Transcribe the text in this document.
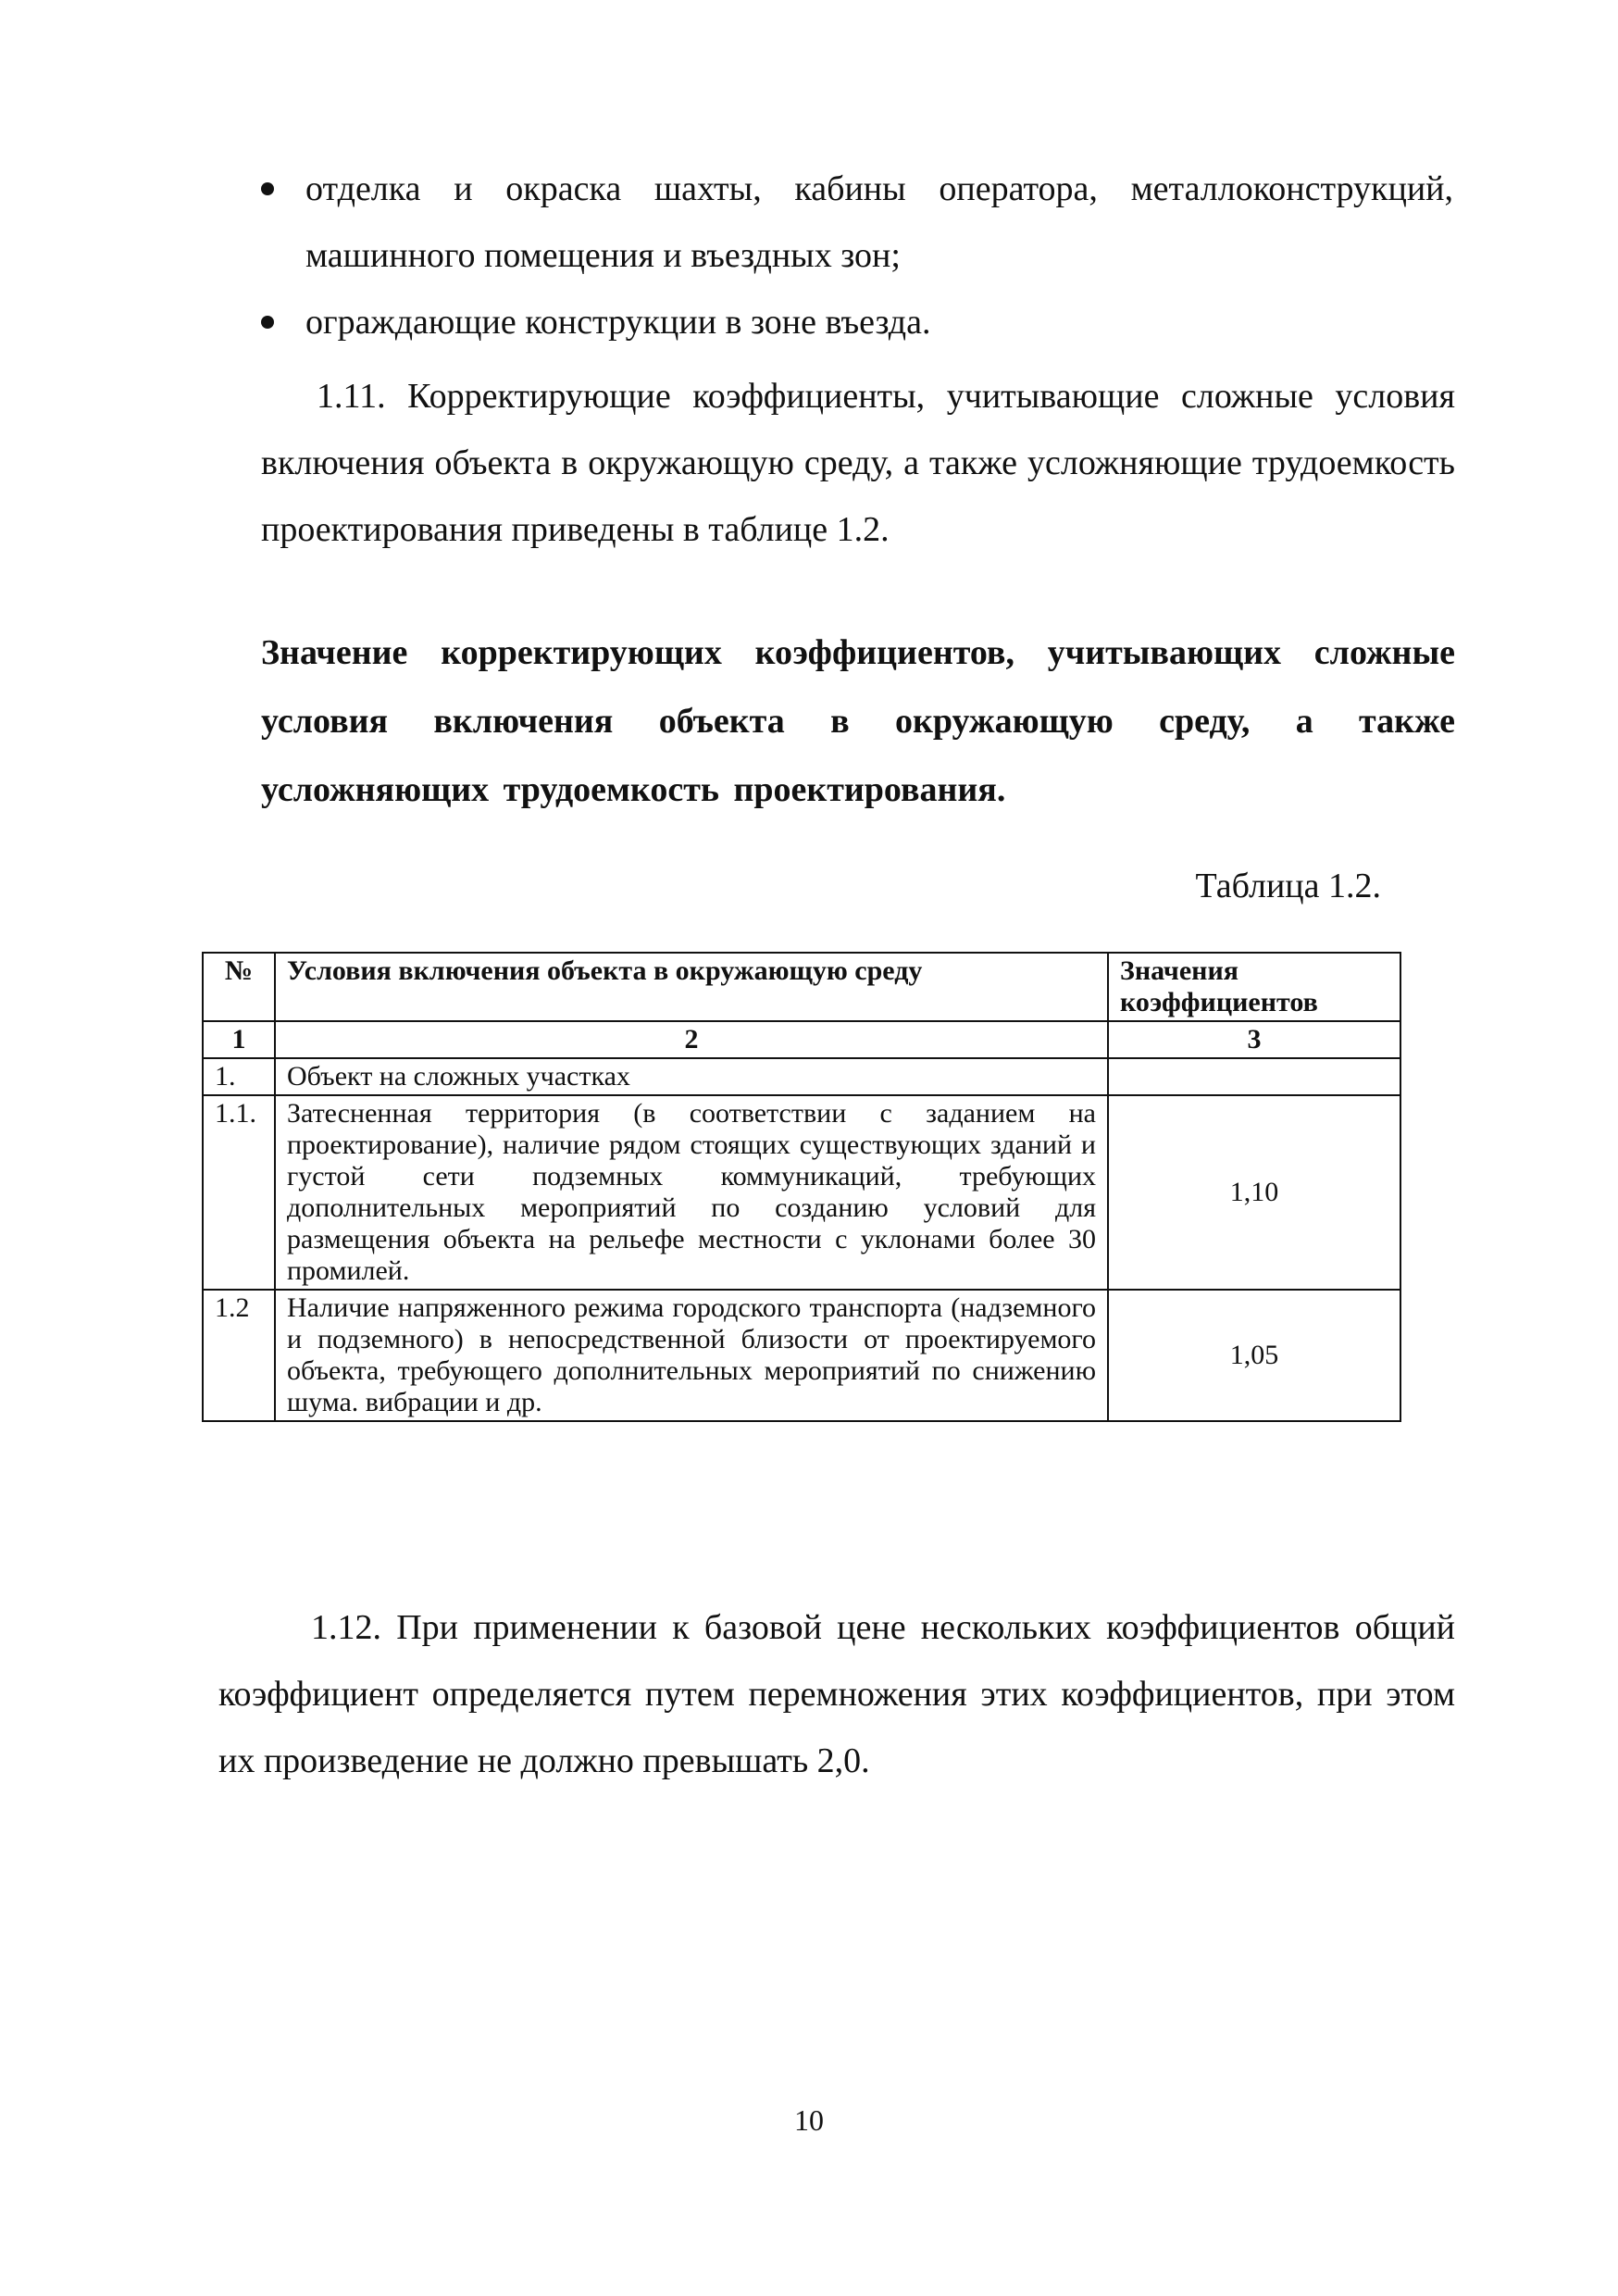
отделка и окраска шахты, кабины оператора, металлоконструкций, машинного помещения и въездных зон;
ограждающие конструкции в зоне въезда.

1.11. Корректирующие коэффициенты, учитывающие сложные условия включения объекта в окружающую среду, а также усложняющие трудоемкость проектирования приведены в таблице 1.2.

Значение корректирующих коэффициентов, учитывающих сложные условия включения объекта в окружающую среду, а также усложняющих трудоемкость проектирования.

Таблица 1.2.
№	Условия включения объекта в окружающую среду	Значения коэффициентов
1	2	3
1.	Объект на сложных участках	
1.1.	Затесненная территория (в соответствии с заданием на проектирование), наличие рядом стоящих существующих зданий и густой сети подземных коммуникаций, требующих дополнительных мероприятий по созданию условий для размещения объекта на рельефе местности с уклонами более 30 промилей.	1,10
1.2	Наличие напряженного режима городского транспорта (надземного и подземного) в непосредственной близости от проектируемого объекта, требующего дополнительных мероприятий по снижению шума. вибрации и др.	1,05

1.12. При применении к базовой цене нескольких коэффициентов общий коэффициент определяется путем перемножения этих коэффициентов, при этом их произведение не должно превышать 2,0.

10
